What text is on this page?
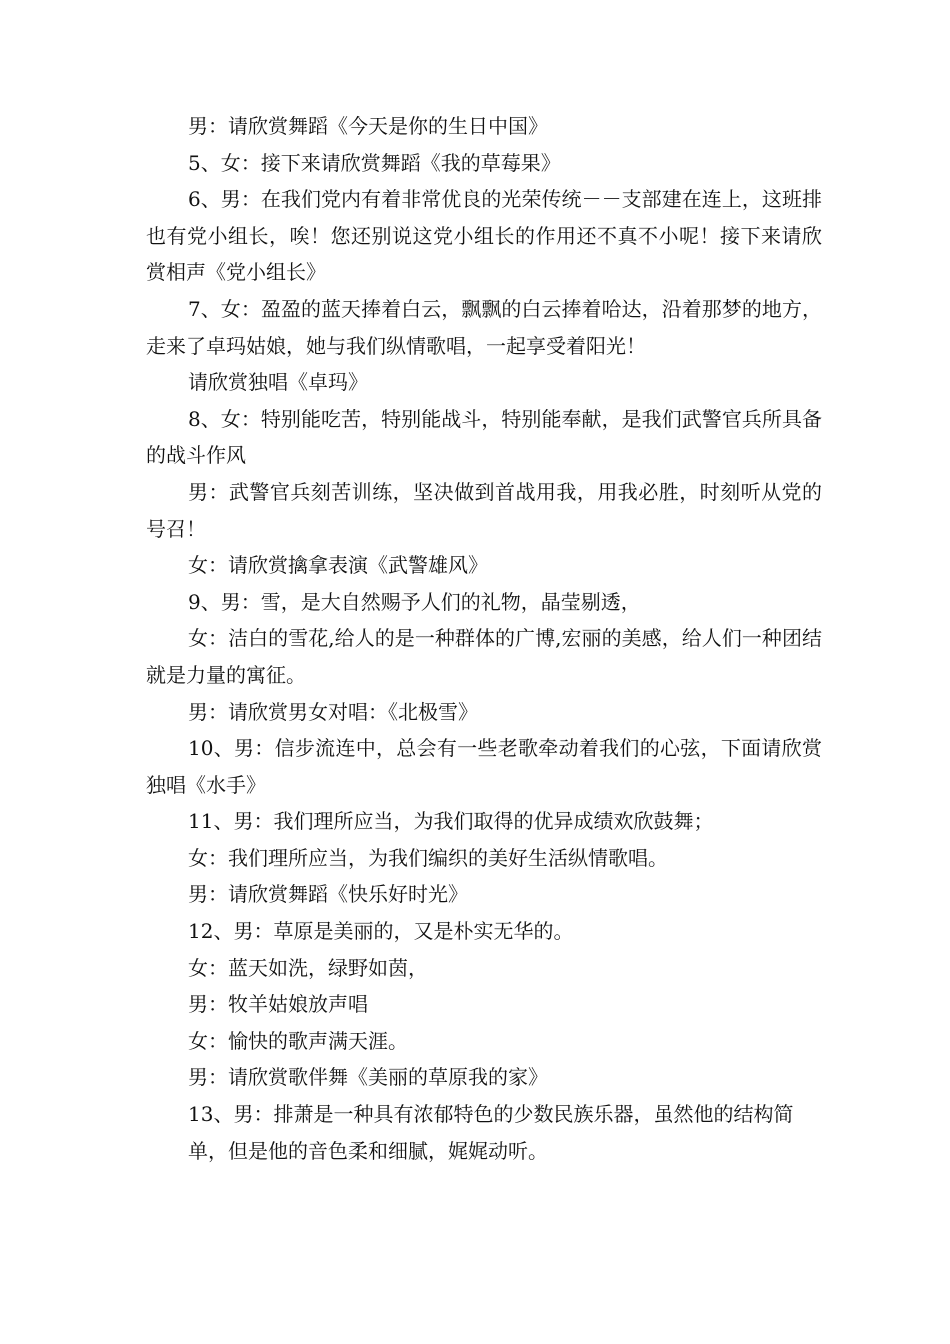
男：请欣赏舞蹈《今天是你的生日中国》

5、女：接下来请欣赏舞蹈《我的草莓果》

6、男：在我们党内有着非常优良的光荣传统－－支部建在连上，这班排也有党小组长，唉！您还别说这党小组长的作用还不真不小呢！接下来请欣赏相声《党小组长》

7、女：盈盈的蓝天捧着白云，飘飘的白云捧着哈达，沿着那梦的地方，走来了卓玛姑娘，她与我们纵情歌唱，一起享受着阳光！

请欣赏独唱《卓玛》

8、女：特别能吃苦，特别能战斗，特别能奉献，是我们武警官兵所具备的战斗作风

男：武警官兵刻苦训练，坚决做到首战用我，用我必胜，时刻听从党的号召！

女：请欣赏擒拿表演《武警雄风》

9、男：雪，是大自然赐予人们的礼物，晶莹剔透，

女：洁白的雪花,给人的是一种群体的广博,宏丽的美感，给人们一种团结就是力量的寓征。

男：请欣赏男女对唱：《北极雪》

10、男：信步流连中，总会有一些老歌牵动着我们的心弦，下面请欣赏独唱《水手》

11、男：我们理所应当，为我们取得的优异成绩欢欣鼓舞；

女：我们理所应当，为我们编织的美好生活纵情歌唱。

男：请欣赏舞蹈《快乐好时光》

12、男：草原是美丽的，又是朴实无华的。

女：蓝天如洗，绿野如茵，

男：牧羊姑娘放声唱

女：愉快的歌声满天涯。

男：请欣赏歌伴舞《美丽的草原我的家》

13、男：排萧是一种具有浓郁特色的少数民族乐器，虽然他的结构简

单，但是他的音色柔和细腻，娓娓动听。
